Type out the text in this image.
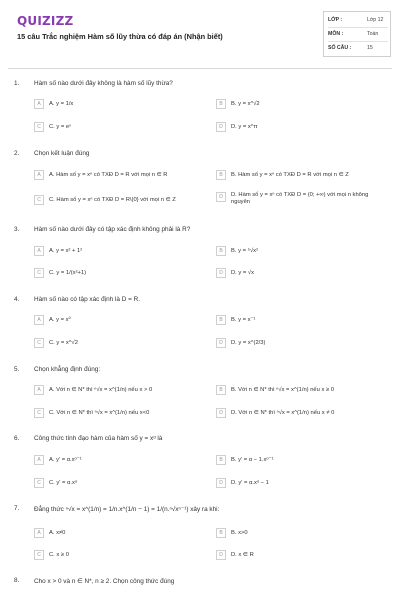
QUIZIZZ
15 câu Trắc nghiệm Hàm số lũy thừa có đáp án (Nhận biết)
LỚP :	Lớp 12
MÔN :	Toán
SỐ CÂU :	15
1. Hàm số nào dưới đây không là hàm số lũy thừa?
A	A. y = 1/x	B	B. y = x^√2
C	C. y = eˣ	D	D. y = x^π
2. Chọn kết luận đúng
A	A. Hàm số y = xⁿ có TXĐ D = R với mọi n ∈ R	B	B. Hàm số y = xⁿ có TXĐ D = R với mọi n ∈ Z
C	C. Hàm số y = xⁿ có TXĐ D = R\{0} với mọi n ∈ Z	D	D. Hàm số y = xⁿ có TXĐ D = (0; +∞) với mọi n không nguyên
3. Hàm số nào dưới đây có tập xác định không phải là R?
A	A. y = x² + 1²	B	B. y = ⁵√x²
C	C. y = 1/(x²+1)	D	D. y = √x
4. Hàm số nào có tập xác định là D = R.
A	A. y = x⁰	B	B. y = x⁻¹
C	C. y = x^√2	D	D. y = x^(2/3)
5. Chọn khẳng định đúng:
A	A. Với n ∈ N* thì ⁿ√x = x^(1/n) nếu x > 0	B	B. Với n ∈ N* thì ⁿ√x = x^(1/n) nếu x ≥ 0
C	C. Với n ∈ N* thì ⁿ√x = x^(1/n) nếu x<0	D	D. Với n ∈ N* thì ⁿ√x = x^(1/n) nếu x ≠ 0
6. Công thức tính đạo hàm của hàm số y = xᵅ là
A	A. y' = α.xᵅ⁻¹	B	B. y' = α − 1.xᵅ⁻¹
C	C. y' = α.xᵅ	D	D. y' = α.xᵅ − 1
7. Đẳng thức ⁿ√x = x^(1/n) = 1/n.x^(1/n − 1) = 1/(n.ⁿ√xⁿ⁻¹) xảy ra khi:
A	A. x≠0	B	B. x>0
C	C. x ≥ 0	D	D. x ∈ R
8. Cho x > 0 và n ∈ N*, n ≥ 2. Chọn công thức đúng
